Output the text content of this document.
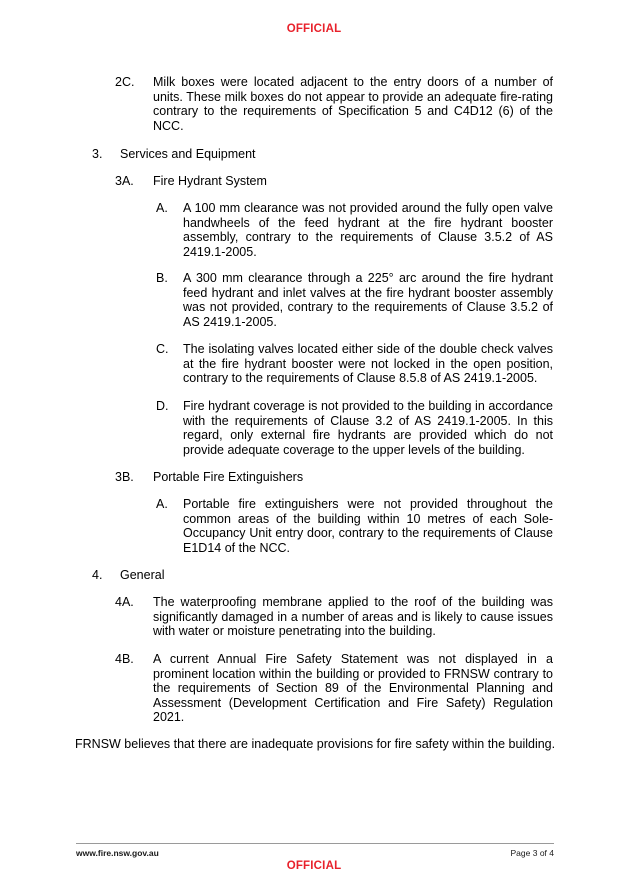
OFFICIAL
2C. Milk boxes were located adjacent to the entry doors of a number of units. These milk boxes do not appear to provide an adequate fire-rating contrary to the requirements of Specification 5 and C4D12 (6) of the NCC.
3. Services and Equipment
3A. Fire Hydrant System
A. A 100 mm clearance was not provided around the fully open valve handwheels of the feed hydrant at the fire hydrant booster assembly, contrary to the requirements of Clause 3.5.2 of AS 2419.1-2005.
B. A 300 mm clearance through a 225° arc around the fire hydrant feed hydrant and inlet valves at the fire hydrant booster assembly was not provided, contrary to the requirements of Clause 3.5.2 of AS 2419.1-2005.
C. The isolating valves located either side of the double check valves at the fire hydrant booster were not locked in the open position, contrary to the requirements of Clause 8.5.8 of AS 2419.1-2005.
D. Fire hydrant coverage is not provided to the building in accordance with the requirements of Clause 3.2 of AS 2419.1-2005. In this regard, only external fire hydrants are provided which do not provide adequate coverage to the upper levels of the building.
3B. Portable Fire Extinguishers
A. Portable fire extinguishers were not provided throughout the common areas of the building within 10 metres of each Sole-Occupancy Unit entry door, contrary to the requirements of Clause E1D14 of the NCC.
4. General
4A. The waterproofing membrane applied to the roof of the building was significantly damaged in a number of areas and is likely to cause issues with water or moisture penetrating into the building.
4B. A current Annual Fire Safety Statement was not displayed in a prominent location within the building or provided to FRNSW contrary to the requirements of Section 89 of the Environmental Planning and Assessment (Development Certification and Fire Safety) Regulation 2021.
FRNSW believes that there are inadequate provisions for fire safety within the building.
www.fire.nsw.gov.au	Page 3 of 4
OFFICIAL
